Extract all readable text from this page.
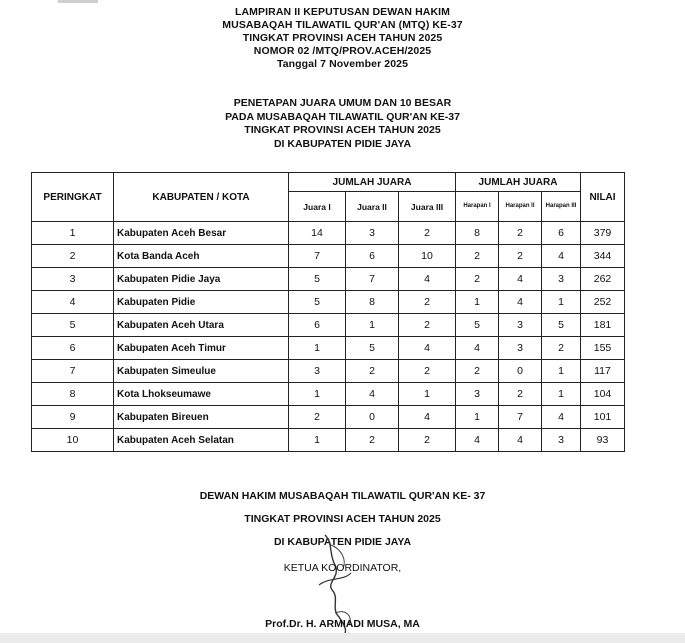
LAMPIRAN II KEPUTUSAN DEWAN HAKIM
MUSABAQAH TILAWATIL QUR'AN (MTQ) KE-37
TINGKAT PROVINSI ACEH TAHUN 2025
NOMOR 02 /MTQ/PROV.ACEH/2025
Tanggal 7 November 2025
PENETAPAN JUARA UMUM DAN 10 BESAR
PADA MUSABAQAH TILAWATIL QUR'AN KE-37
TINGKAT PROVINSI ACEH TAHUN 2025
DI KABUPATEN PIDIE JAYA
PERINGKAT	KABUPATEN / KOTA	JUMLAH JUARA			JUMLAH JUARA			NILAI
		Juara I	Juara II	Juara III	Harapan I	Harapan II	Harapan III	
1	Kabupaten Aceh Besar	14	3	2	8	2	6	379
2	Kota Banda Aceh	7	6	10	2	2	4	344
3	Kabupaten Pidie Jaya	5	7	4	2	4	3	262
4	Kabupaten Pidie	5	8	2	1	4	1	252
5	Kabupaten Aceh Utara	6	1	2	5	3	5	181
6	Kabupaten Aceh Timur	1	5	4	4	3	2	155
7	Kabupaten Simeulue	3	2	2	2	0	1	117
8	Kota Lhokseumawe	1	4	1	3	2	1	104
9	Kabupaten Bireuen	2	0	4	1	7	4	101
10	Kabupaten Aceh Selatan	1	2	2	4	4	3	93
DEWAN HAKIM MUSABAQAH TILAWATIL QUR'AN KE- 37
TINGKAT PROVINSI ACEH TAHUN 2025
DI KABUPATEN PIDIE JAYA
KETUA KOORDINATOR,
Prof.Dr. H. ARMIADI MUSA, MA
